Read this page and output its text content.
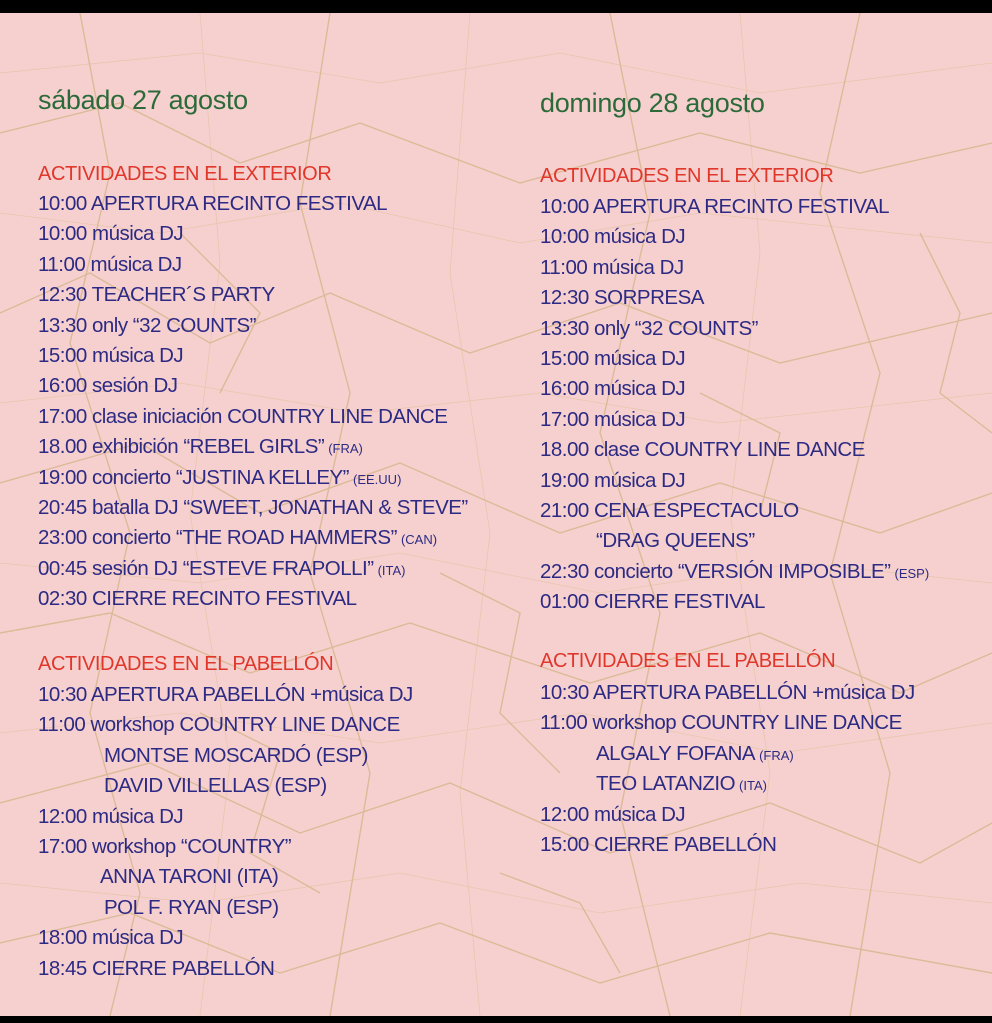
sábado 27 agosto
ACTIVIDADES EN EL EXTERIOR
10:00 APERTURA RECINTO FESTIVAL
10:00 música DJ
11:00 música DJ
12:30 TEACHER´S PARTY
13:30 only “32 COUNTS”
15:00 música DJ
16:00 sesión DJ
17:00 clase iniciación COUNTRY LINE DANCE
18.00 exhibición “REBEL GIRLS” (FRA)
19:00 concierto “JUSTINA KELLEY” (EE.UU)
20:45 batalla DJ “SWEET, JONATHAN & STEVE”
23:00 concierto “THE ROAD HAMMERS” (CAN)
00:45 sesión DJ “ESTEVE FRAPOLLI” (ITA)
02:30 CIERRE RECINTO FESTIVAL
ACTIVIDADES EN EL PABELLÓN
10:30 APERTURA PABELLÓN +música DJ
11:00 workshop COUNTRY LINE DANCE
MONTSE MOSCARDÓ (ESP)
DAVID VILLELLAS (ESP)
12:00 música DJ
17:00 workshop “COUNTRY”
ANNA TARONI (ITA)
POL F. RYAN (ESP)
18:00 música DJ
18:45 CIERRE PABELLÓN
domingo 28 agosto
ACTIVIDADES EN EL EXTERIOR
10:00 APERTURA RECINTO FESTIVAL
10:00 música DJ
11:00 música DJ
12:30 SORPRESA
13:30 only “32 COUNTS”
15:00 música DJ
16:00 música DJ
17:00 música DJ
18.00 clase COUNTRY LINE DANCE
19:00 música DJ
21:00 CENA ESPECTACULO
“DRAG QUEENS”
22:30 concierto “VERSIÓN IMPOSIBLE” (ESP)
01:00 CIERRE FESTIVAL
ACTIVIDADES EN EL PABELLÓN
10:30 APERTURA PABELLÓN +música DJ
11:00 workshop COUNTRY LINE DANCE
ALGALY FOFANA (FRA)
TEO LATANZIO (ITA)
12:00 música DJ
15:00 CIERRE PABELLÓN
